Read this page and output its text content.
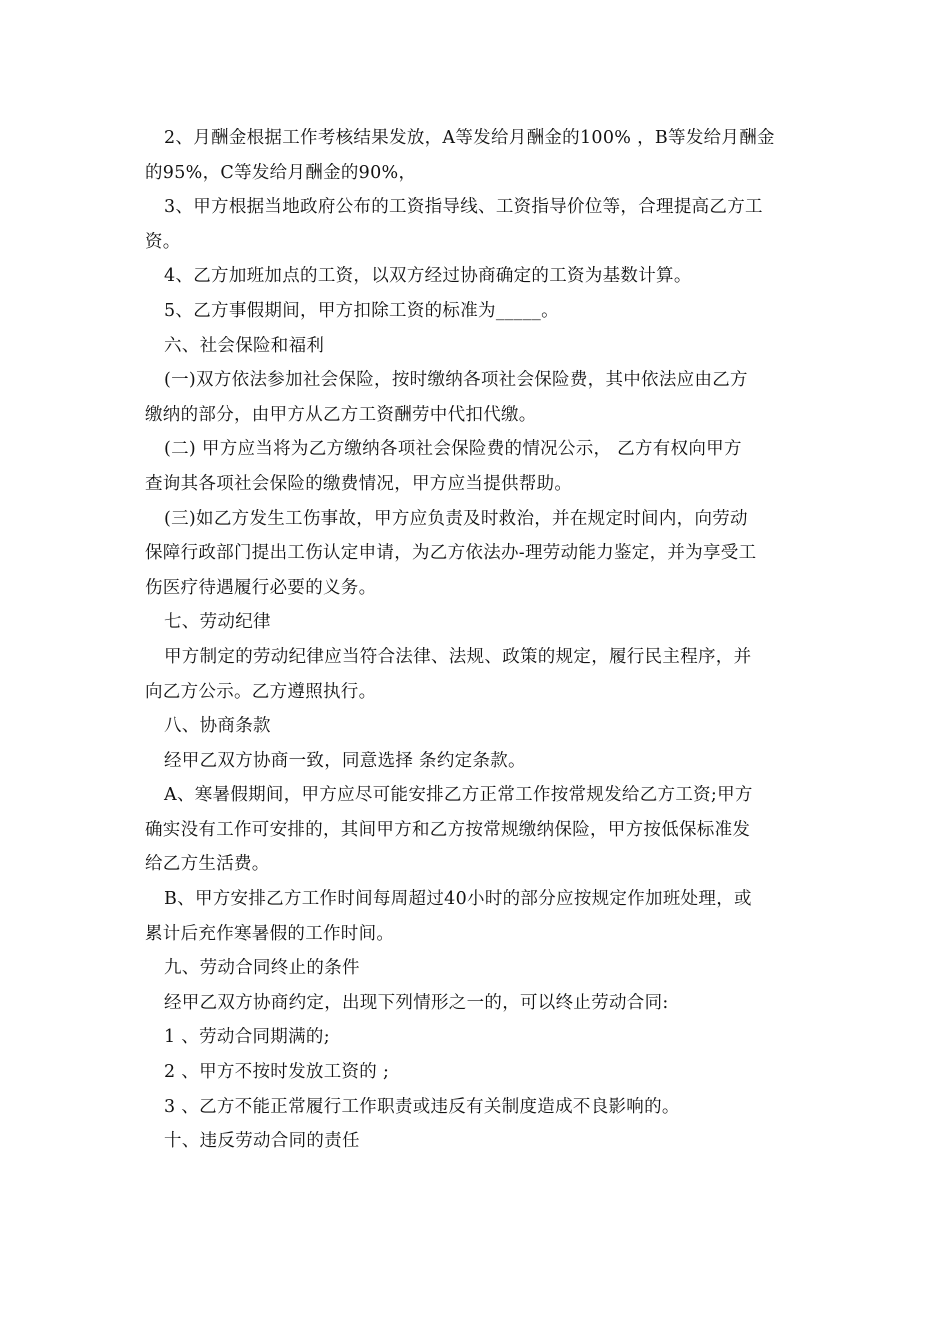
2、月酬金根据工作考核结果发放，A等发给月酬金的100% ，B等发给月酬金
的95%，C等发给月酬金的90%，
3、甲方根据当地政府公布的工资指导线、工资指导价位等，合理提高乙方工
资。
4、乙方加班加点的工资，以双方经过协商确定的工资为基数计算。
5、乙方事假期间，甲方扣除工资的标准为_____。
六、社会保险和福利
(一)双方依法参加社会保险，按时缴纳各项社会保险费，其中依法应由乙方
缴纳的部分，由甲方从乙方工资酬劳中代扣代缴。
(二) 甲方应当将为乙方缴纳各项社会保险费的情况公示， 乙方有权向甲方
查询其各项社会保险的缴费情况，甲方应当提供帮助。
(三)如乙方发生工伤事故，甲方应负责及时救治，并在规定时间内，向劳动
保障行政部门提出工伤认定申请，为乙方依法办-理劳动能力鉴定，并为享受工
伤医疗待遇履行必要的义务。
七、劳动纪律
甲方制定的劳动纪律应当符合法律、法规、政策的规定，履行民主程序，并
向乙方公示。乙方遵照执行。
八、协商条款
经甲乙双方协商一致，同意选择 条约定条款。
A、寒暑假期间，甲方应尽可能安排乙方正常工作按常规发给乙方工资;甲方
确实没有工作可安排的，其间甲方和乙方按常规缴纳保险，甲方按低保标准发
给乙方生活费。
B、甲方安排乙方工作时间每周超过40小时的部分应按规定作加班处理，或
累计后充作寒暑假的工作时间。
九、劳动合同终止的条件
经甲乙双方协商约定，出现下列情形之一的，可以终止劳动合同:
1 、劳动合同期满的;
2 、甲方不按时发放工资的 ;
3 、乙方不能正常履行工作职责或违反有关制度造成不良影响的。
十、违反劳动合同的责任
